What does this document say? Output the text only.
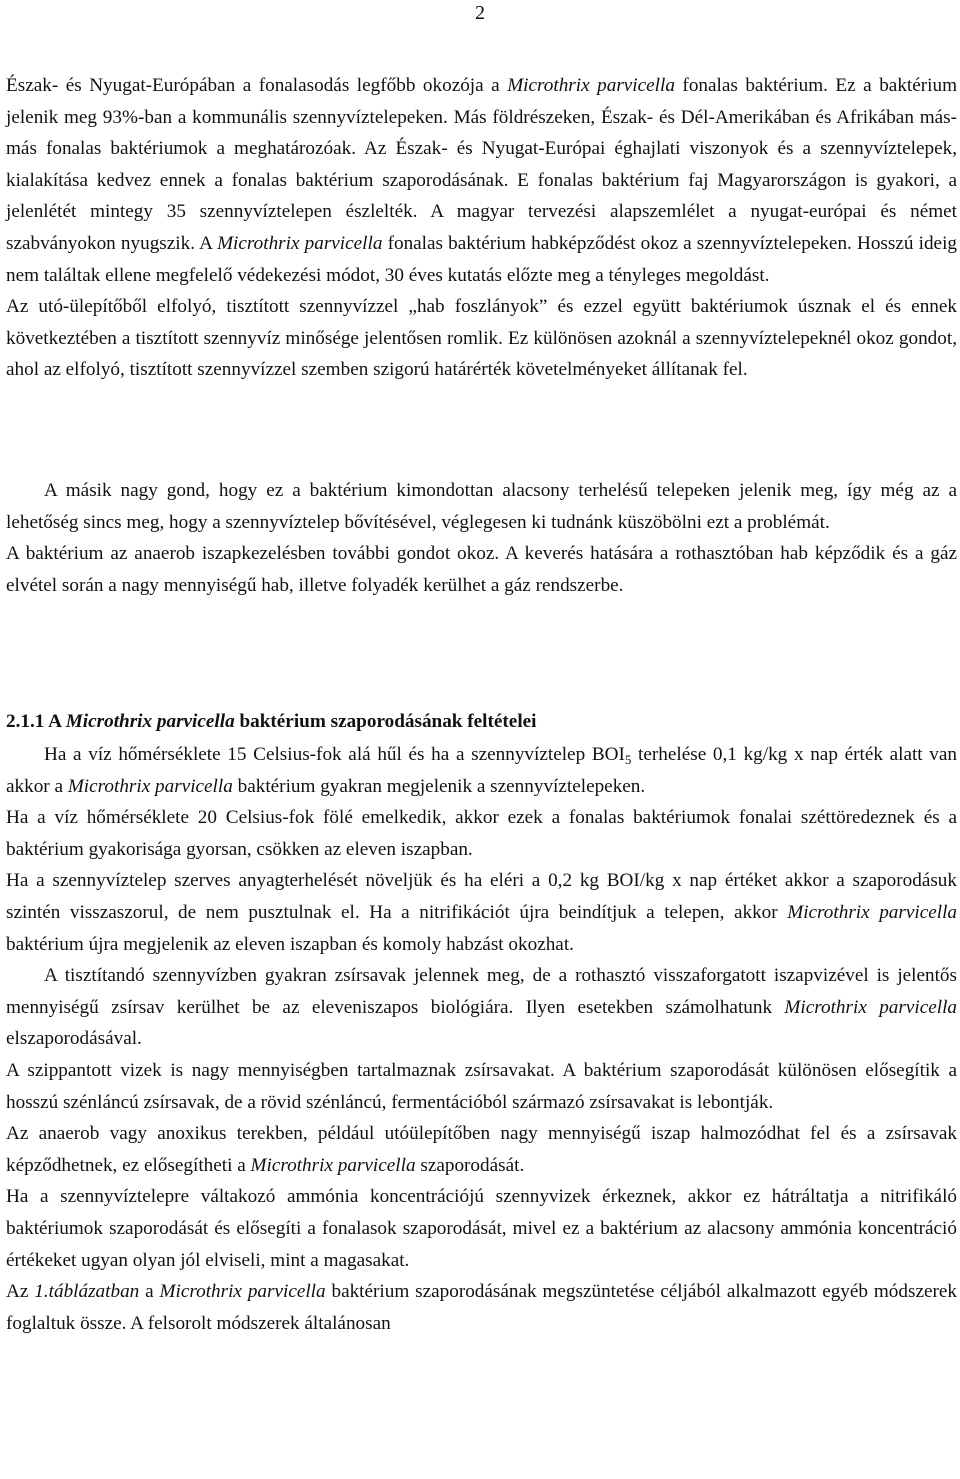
2

Észak- és Nyugat-Európában a fonalasodás legfőbb okozója a Microthrix parvicella fonalas baktérium. Ez a baktérium jelenik meg 93%-ban a kommunális szennyvíztelepeken. Más földrészeken, Észak- és Dél-Amerikában és Afrikában más-más fonalas baktériumok a meghatározóak. Az Észak- és Nyugat-Európai éghajlati viszonyok és a szennyvíztelepek, kialakítása kedvez ennek a fonalas baktérium szaporodásának. E fonalas baktérium faj Magyarországon is gyakori, a jelenlétét mintegy 35 szennyvíztelepen észlelték. A magyar tervezési alapszemlélet a nyugat-európai és német szabványokon nyugszik. A Microthrix parvicella fonalas baktérium habképződést okoz a szennyvíztelepeken. Hosszú ideig nem találtak ellene megfelelő védekezési módot, 30 éves kutatás előzte meg a tényleges megoldást.

Az utó-ülepítőből elfolyó, tisztított szennyvízzel „hab foszlányok” és ezzel együtt baktériumok úsznak el és ennek következtében a tisztított szennyvíz minősége jelentősen romlik. Ez különösen azoknál a szennyvíztelepeknél okoz gondot, ahol az elfolyó, tisztított szennyvízzel szemben szigorú határérték követelményeket állítanak fel.

A másik nagy gond, hogy ez a baktérium kimondottan alacsony terhelésű telepeken jelenik meg, így még az a lehetőség sincs meg, hogy a szennyvíztelep bővítésével, véglegesen ki tudnánk küszöbölni ezt a problémát.

A baktérium az anaerob iszapkezelésben további gondot okoz. A keverés hatására a rothasztóban hab képződik és a gáz elvétel során a nagy mennyiségű hab, illetve folyadék kerülhet a gáz rendszerbe.

2.1.1 A Microthrix parvicella baktérium szaporodásának feltételei

Ha a víz hőmérséklete 15 Celsius-fok alá hűl és ha a szennyvíztelep $BOI_5$ terhelése 0,1 kg/kg x nap érték alatt van akkor a Microthrix parvicella baktérium gyakran megjelenik a szennyvíztelepeken.

Ha a víz hőmérséklete 20 Celsius-fok fölé emelkedik, akkor ezek a fonalas baktériumok fonalai széttöredeznek és a baktérium gyakorisága gyorsan, csökken az eleven iszapban.

Ha a szennyvíztelep szerves anyagterhelését növeljük és ha eléri a 0,2 kg BOI/kg x nap értéket akkor a szaporodásuk szintén visszaszorul, de nem pusztulnak el. Ha a nitrifikációt újra beindítjuk a telepen, akkor Microthrix parvicella baktérium újra megjelenik az eleven iszapban és komoly habzást okozhat.

A tisztítandó szennyvízben gyakran zsírsavak jelennek meg, de a rothasztó visszaforgatott iszapvizével is jelentős mennyiségű zsírsav kerülhet be az eleveniszapos biológiára. Ilyen esetekben számolhatunk Microthrix parvicella elszaporodásával.

A szippantott vizek is nagy mennyiségben tartalmaznak zsírsavakat. A baktérium szaporodását különösen elősegítik a hosszú szénláncú zsírsavak, de a rövid szénláncú, fermentációból származó zsírsavakat is lebontják.

Az anaerob vagy anoxikus terekben, például utóülepítőben nagy mennyiségű iszap halmozódhat fel és a zsírsavak képződhetnek, ez elősegítheti a Microthrix parvicella szaporodását.

Ha a szennyvíztelepre váltakozó ammónia koncentrációjú szennyvizek érkeznek, akkor ez hátráltatja a nitrifikáló baktériumok szaporodását és elősegíti a fonalasok szaporodását, mivel ez a baktérium az alacsony ammónia koncentráció értékeket ugyan olyan jól elviseli, mint a magasakat.

Az 1.táblázatban a Microthrix parvicella baktérium szaporodásának megszüntetése céljából alkalmazott egyéb módszerek foglaltuk össze. A felsorolt módszerek általánosan
